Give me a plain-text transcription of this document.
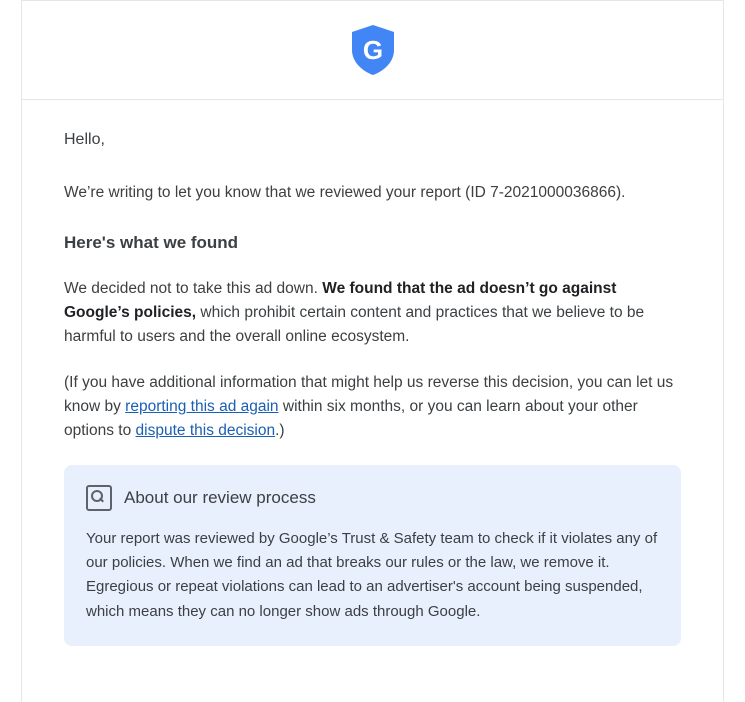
G

Hello,

We’re writing to let you know that we reviewed your report (ID 7-2021000036866).

Here's what we found

We decided not to take this ad down. We found that the ad doesn’t go against Google’s policies, which prohibit certain content and practices that we believe to be harmful to users and the overall online ecosystem.

(If you have additional information that might help us reverse this decision, you can let us know by reporting this ad again within six months, or you can learn about your other options to dispute this decision.)

About our review process

Your report was reviewed by Google’s Trust & Safety team to check if it violates any of our policies. When we find an ad that breaks our rules or the law, we remove it. Egregious or repeat violations can lead to an advertiser's account being suspended, which means they can no longer show ads through Google.
